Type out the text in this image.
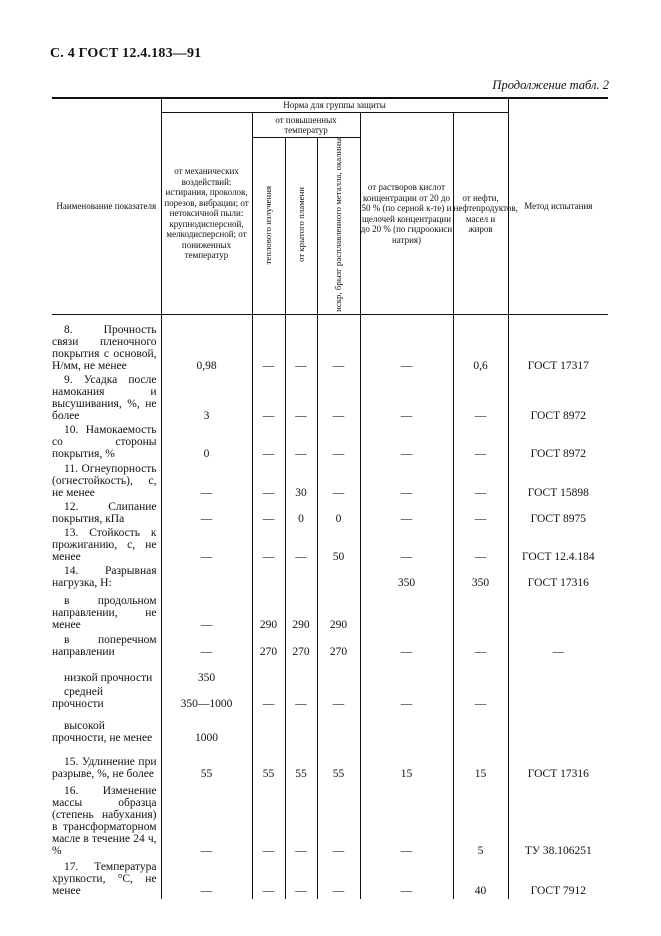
С. 4 ГОСТ 12.4.183—91
Продолжение табл. 2
Наименование показателя	Норма для группы защиты						Метод испытания
	от механических воздействий: истирания, проколов, порезов, вибрации; от нетоксичной пыли: крупнодисперсной, мелкодисперсной; от пониженных температур	от повышенных температур			от растворов кислот концентрации от 20 до 50 % (по серной к-те) и щелочей концентрации до 20 % (по гидроокиси натрия)	от нефти, нефтепродуктов, масел и жиров	
		теплового излучения	от крытого пламени	искр, брызг расплавленного металла, окалины			
8. Прочность связи пленочного покрытия с основой, Н/мм, не менее	0,98	—	—	—	—	0,6	ГОСТ 17317
9. Усадка после намокания и высушивания, %, не более	3	—	—	—	—	—	ГОСТ 8972
10. Намокаемость со стороны покрытия, %	0	—	—	—	—	—	ГОСТ 8972
11. Огнеупорность (огнестойкость), с, не менее	—	—	30	—	—	—	ГОСТ 15898
12. Слипание покрытия, кПа	—	—	0	0	—	—	ГОСТ 8975
13. Стойкость к прожиганию, с, не менее	—	—	—	50	—	—	ГОСТ 12.4.184
14. Разрывная нагрузка, Н:					350	350	ГОСТ 17316
в продольном направлении, не менее	—	290	290	290			
в поперечном направлении	—	270	270	270	—	—	—
низкой прочности	350						
средней прочности	350—1000	—	—	—	—	—	
высокой прочности, не менее	1000						
15. Удлинение при разрыве, %, не более	55	55	55	55	15	15	ГОСТ 17316
16. Изменение массы образца (степень набухания) в трансформаторном масле в течение 24 ч, %	—	—	—	—	—	5	ТУ 38.106251
17. Температура хрупкости, °С, не менее	—	—	—	—	—	40	ГОСТ 7912
